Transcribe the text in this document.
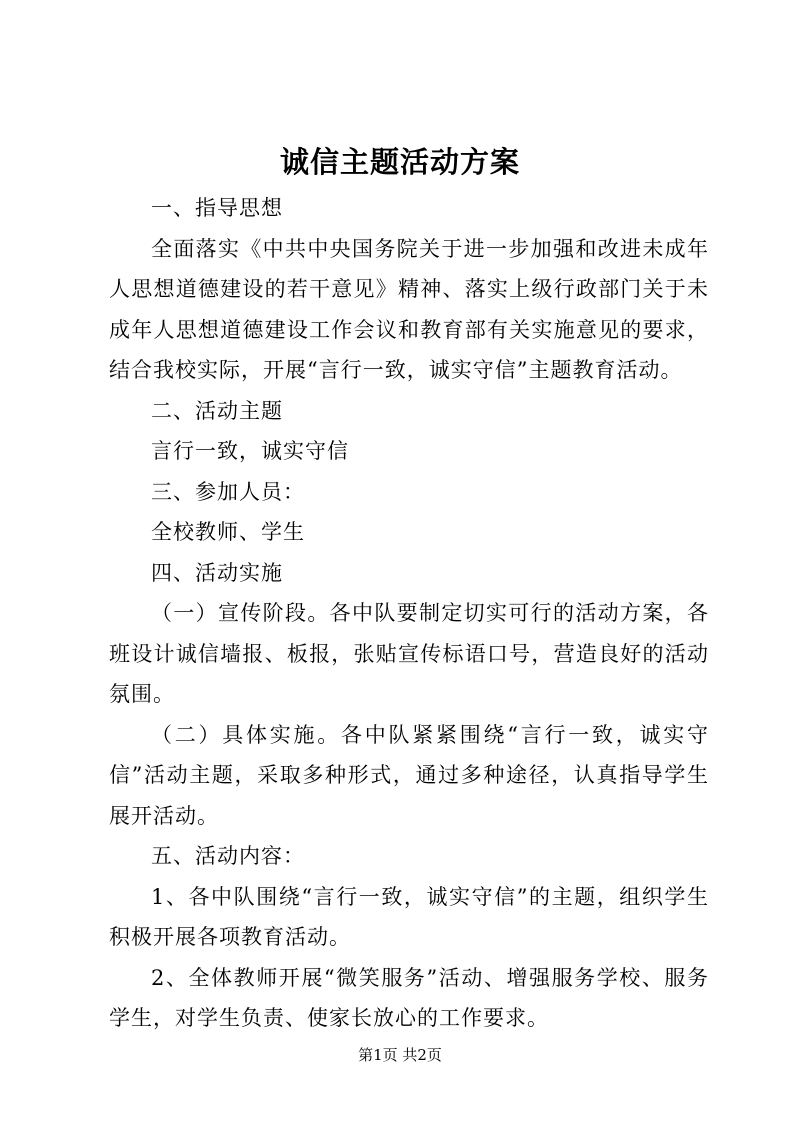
诚信主题活动方案

一、指导思想

全面落实《中共中央国务院关于进一步加强和改进未成年人思想道德建设的若干意见》精神、落实上级行政部门关于未成年人思想道德建设工作会议和教育部有关实施意见的要求，结合我校实际，开展“言行一致，诚实守信”主题教育活动。

二、活动主题

言行一致，诚实守信

三、参加人员：

全校教师、学生

四、活动实施

（一）宣传阶段。各中队要制定切实可行的活动方案，各班设计诚信墙报、板报，张贴宣传标语口号，营造良好的活动氛围。

（二）具体实施。各中队紧紧围绕“言行一致，诚实守信”活动主题，采取多种形式，通过多种途径，认真指导学生展开活动。

五、活动内容：

1、各中队围绕“言行一致，诚实守信”的主题，组织学生积极开展各项教育活动。

2、全体教师开展“微笑服务”活动、增强服务学校、服务学生，对学生负责、使家长放心的工作要求。

第1页 共2页
